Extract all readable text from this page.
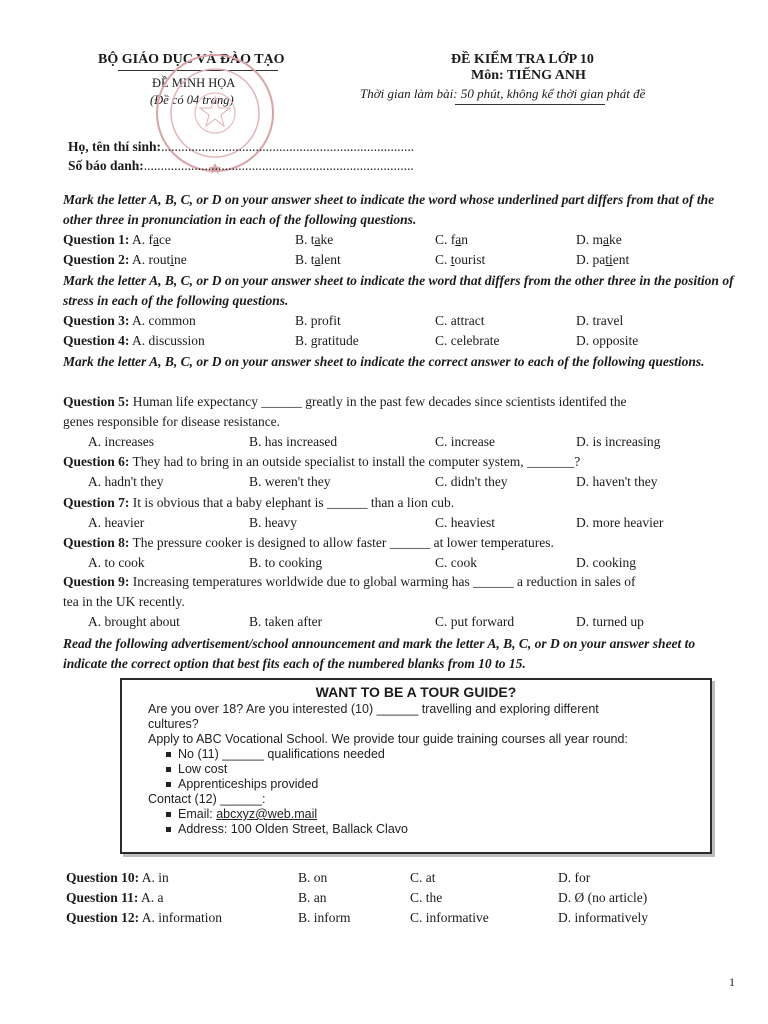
BỘ GIÁO DỤC VÀ ĐÀO TẠO
ĐỀ MINH HỌA
(Đề có 04 trang)
ĐỀ KIỂM TRA LỚP 10
Môn: TIẾNG ANH
Thời gian làm bài: 50 phút, không kể thời gian phát đề
Họ, tên thí sinh:...........................................................................
Số báo danh:................................................................................
Mark the letter A, B, C, or D on your answer sheet to indicate the word whose underlined part differs from that of the other three in pronunciation in each of the following questions.
Question 1: A. face	B. take	C. fan	D. make
Question 2: A. routine	B. talent	C. tourist	D. patient
Mark the letter A, B, C, or D on your answer sheet to indicate the word that differs from the other three in the position of stress in each of the following questions.
Question 3: A. common	B. profit	C. attract	D. travel
Question 4: A. discussion	B. gratitude	C. celebrate	D. opposite
Mark the letter A, B, C, or D on your answer sheet to indicate the correct answer to each of the following questions.
Question 5: Human life expectancy ______ greatly in the past few decades since scientists identifed the
genes responsible for disease resistance.
A. increases	B. has increased	C. increase	D. is increasing
Question 6: They had to bring in an outside specialist to install the computer system, _______?
A. hadn't they	B. weren't they	C. didn't they	D. haven't they
Question 7: It is obvious that a baby elephant is ______ than a lion cub.
A. heavier	B. heavy	C. heaviest	D. more heavier
Question 8: The pressure cooker is designed to allow faster ______ at lower temperatures.
A. to cook	B. to cooking	C. cook	D. cooking
Question 9: Increasing temperatures worldwide due to global warming has ______ a reduction in sales of
tea in the UK recently.
A. brought about	B. taken after	C. put forward	D. turned up
Read the following advertisement/school announcement and mark the letter A, B, C, or D on your answer sheet to indicate the correct option that best fits each of the numbered blanks from 10 to 15.
WANT TO BE A TOUR GUIDE?
Are you over 18? Are you interested (10) ______ travelling and exploring different
cultures?
Apply to ABC Vocational School. We provide tour guide training courses all year round:
No (11) ______ qualifications needed
Low cost
Apprenticeships provided
Contact (12) ______:
Email: abcxyz@web.mail
Address: 100 Olden Street, Ballack Clavo
Question 10: A. in	B. on	C. at	D. for
Question 11: A. a	B. an	C. the	D. Ø (no article)
Question 12: A. information	B. inform	C. informative	D. informatively
1
